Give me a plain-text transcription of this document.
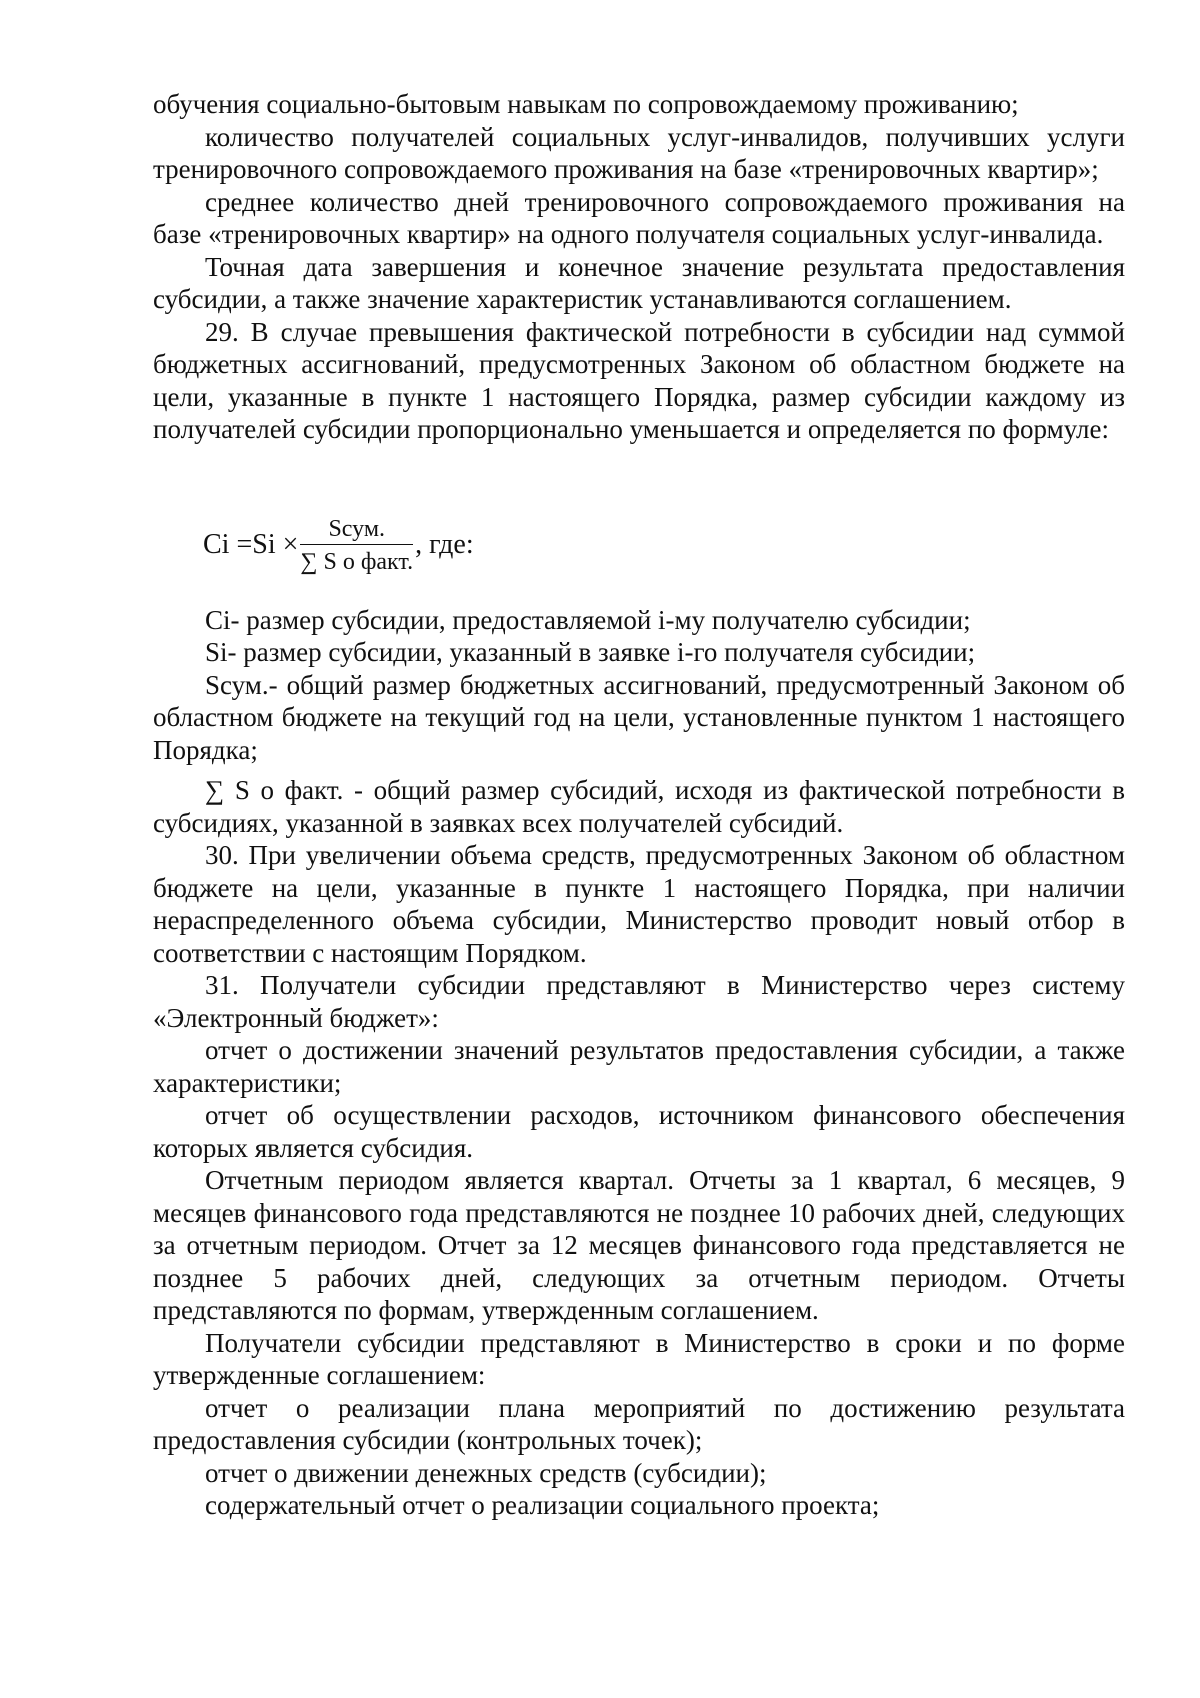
обучения социально-бытовым навыкам по сопровождаемому проживанию;

количество получателей социальных услуг-инвалидов, получивших услуги тренировочного сопровождаемого проживания на базе «тренировочных квартир»;

среднее количество дней тренировочного сопровождаемого проживания на базе «тренировочных квартир» на одного получателя социальных услуг-инвалида.

Точная дата завершения и конечное значение результата предоставления субсидии, а также значение характеристик устанавливаются соглашением.

29. В случае превышения фактической потребности в субсидии над суммой бюджетных ассигнований, предусмотренных Законом об областном бюджете на цели, указанные в пункте 1 настоящего Порядка, размер субсидии каждому из получателей субсидии пропорционально уменьшается и определяется по формуле:

Сi $=Si \times \frac{\text{Sсум.}}{\text{∑ S о факт.}}$ , где:

Сi- размер субсидии, предоставляемой i-му получателю субсидии;

Si- размер субсидии, указанный в заявке i-го получателя субсидии;

Sсум.- общий размер бюджетных ассигнований, предусмотренный Законом об областном бюджете на текущий год на цели, установленные пунктом 1 настоящего Порядка;

∑ S о факт. - общий размер субсидий, исходя из фактической потребности в субсидиях, указанной в заявках всех получателей субсидий.

30. При увеличении объема средств, предусмотренных Законом об областном бюджете на цели, указанные в пункте 1 настоящего Порядка, при наличии нераспределенного объема субсидии, Министерство проводит новый отбор в соответствии с настоящим Порядком.

31. Получатели субсидии представляют в Министерство через систему «Электронный бюджет»:

отчет о достижении значений результатов предоставления субсидии, а также характеристики;

отчет об осуществлении расходов, источником финансового обеспечения которых является субсидия.

Отчетным периодом является квартал. Отчеты за 1 квартал, 6 месяцев, 9 месяцев финансового года представляются не позднее 10 рабочих дней, следующих за отчетным периодом. Отчет за 12 месяцев финансового года представляется не позднее 5 рабочих дней, следующих за отчетным периодом. Отчеты представляются по формам, утвержденным соглашением.

Получатели субсидии представляют в Министерство в сроки и по форме утвержденные соглашением:

отчет о реализации плана мероприятий по достижению результата предоставления субсидии (контрольных точек);

отчет о движении денежных средств (субсидии);

содержательный отчет о реализации социального проекта;
